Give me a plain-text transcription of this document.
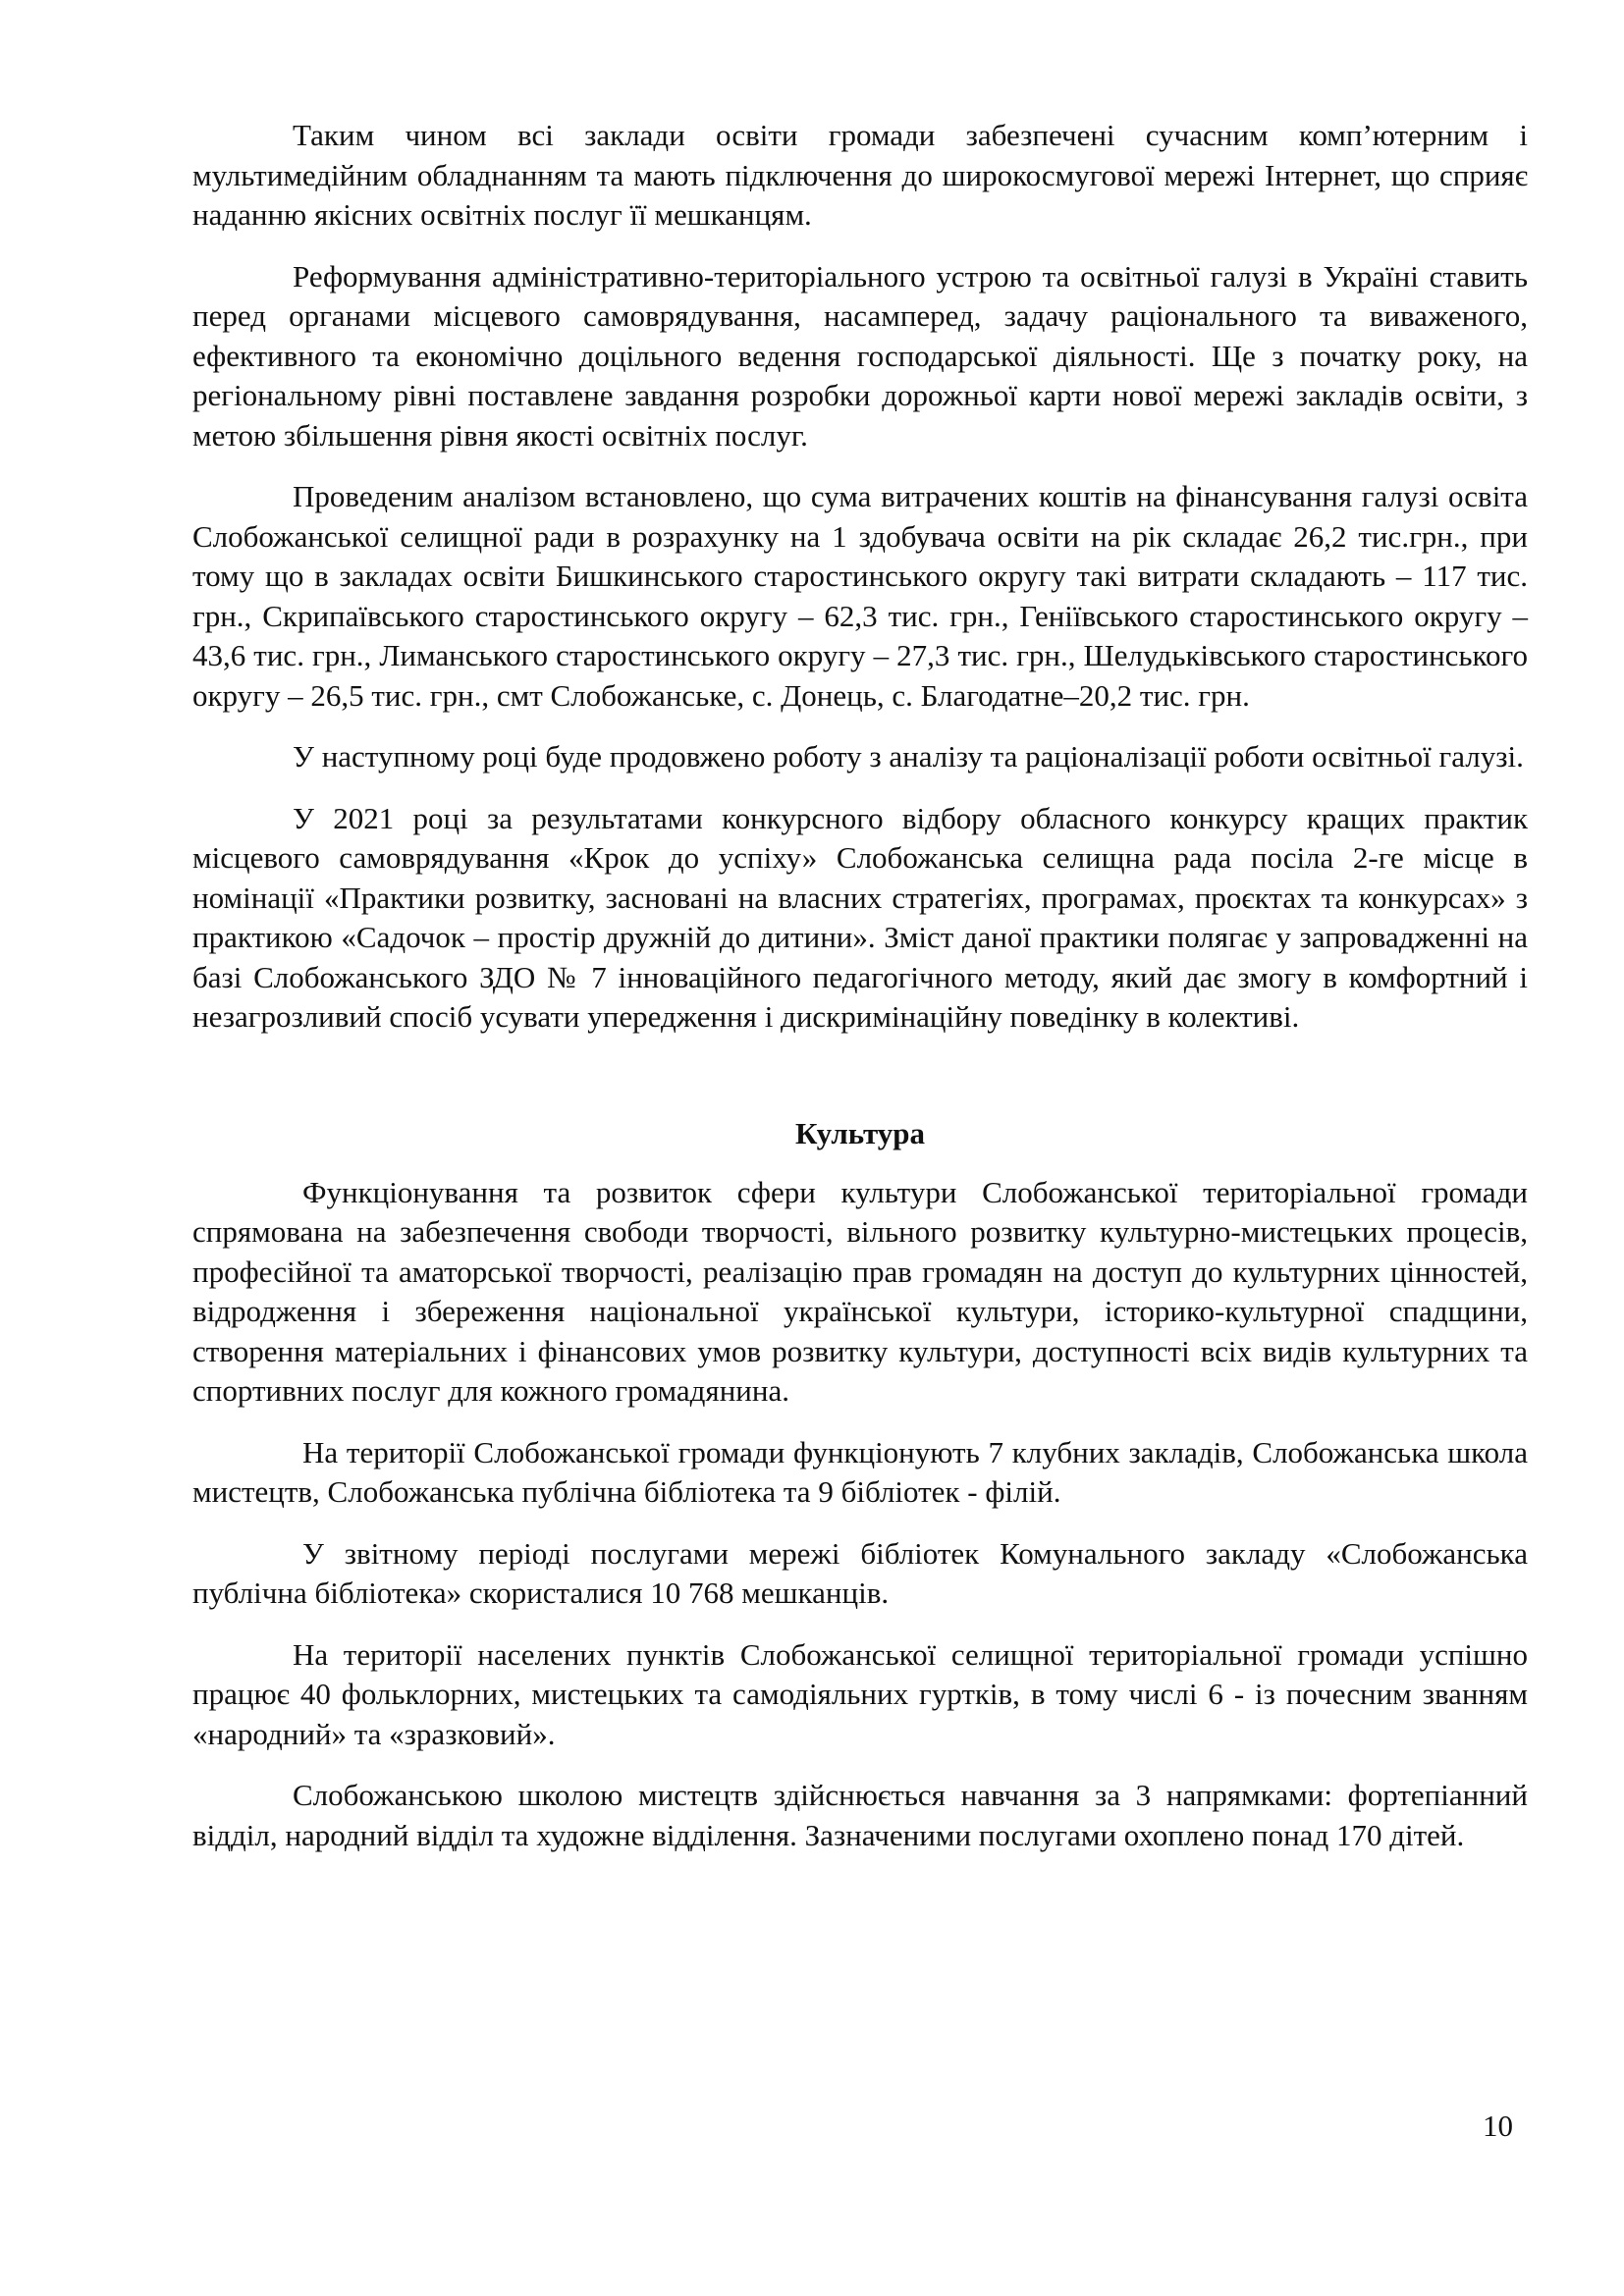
Таким чином всі заклади освіти громади забезпечені сучасним комп’ютерним і мультимедійним обладнанням та мають підключення до широкосмугової мережі Інтернет, що сприяє наданню якісних освітніх послуг її мешканцям.

Реформування адміністративно-територіального устрою та освітньої галузі в Україні ставить перед органами місцевого самоврядування, насамперед, задачу раціонального та виваженого, ефективного та економічно доцільного ведення господарської діяльності. Ще з початку року, на регіональному рівні поставлене завдання розробки дорожньої карти нової мережі закладів освіти, з метою збільшення рівня якості освітніх послуг.

Проведеним аналізом встановлено, що сума витрачених коштів на фінансування галузі освіта Слобожанської селищної ради в розрахунку на 1 здобувача освіти на рік складає 26,2 тис.грн., при тому що в закладах освіти Бишкинського старостинського округу такі витрати складають – 117 тис. грн., Скрипаївського старостинського округу – 62,3 тис. грн., Геніївського старостинського округу – 43,6 тис. грн., Лиманського старостинського округу – 27,3 тис. грн., Шелудьківського старостинського округу – 26,5 тис. грн., смт Слобожанське, с. Донець, с. Благодатне–20,2 тис. грн.

У наступному році буде продовжено роботу з аналізу та раціоналізації роботи освітньої галузі.

У 2021 році за результатами конкурсного відбору обласного конкурсу кращих практик місцевого самоврядування «Крок до успіху» Слобожанська селищна рада посіла 2-ге місце в номінації «Практики розвитку, засновані на власних стратегіях, програмах, проєктах та конкурсах» з практикою «Садочок – простір дружній до дитини». Зміст даної практики полягає у запровадженні на базі Слобожанського ЗДО № 7 інноваційного педагогічного методу, який дає змогу в комфортний і незагрозливий спосіб усувати упередження і дискримінаційну поведінку в колективі.

Культура

Функціонування та розвиток сфери культури Слобожанської територіальної громади спрямована на забезпечення свободи творчості, вільного розвитку культурно-мистецьких процесів, професійної та аматорської творчості, реалізацію прав громадян на доступ до культурних цінностей, відродження і збереження національної української культури, історико-культурної спадщини, створення матеріальних і фінансових умов розвитку культури, доступності всіх видів культурних та спортивних послуг для кожного громадянина.

На території Слобожанської громади функціонують 7 клубних закладів, Слобожанська школа мистецтв, Слобожанська публічна бібліотека та 9 бібліотек - філій.

У звітному періоді послугами мережі бібліотек Комунального закладу «Слобожанська публічна бібліотека» скористалися 10 768 мешканців.

На території населених пунктів Слобожанської селищної територіальної громади успішно працює 40 фольклорних, мистецьких та самодіяльних гуртків, в тому числі 6 - із почесним званням «народний» та «зразковий».

Слобожанською школою мистецтв здійснюється навчання за 3 напрямками: фортепіанний відділ, народний відділ та художне відділення. Зазначеними послугами охоплено понад 170 дітей.

10
